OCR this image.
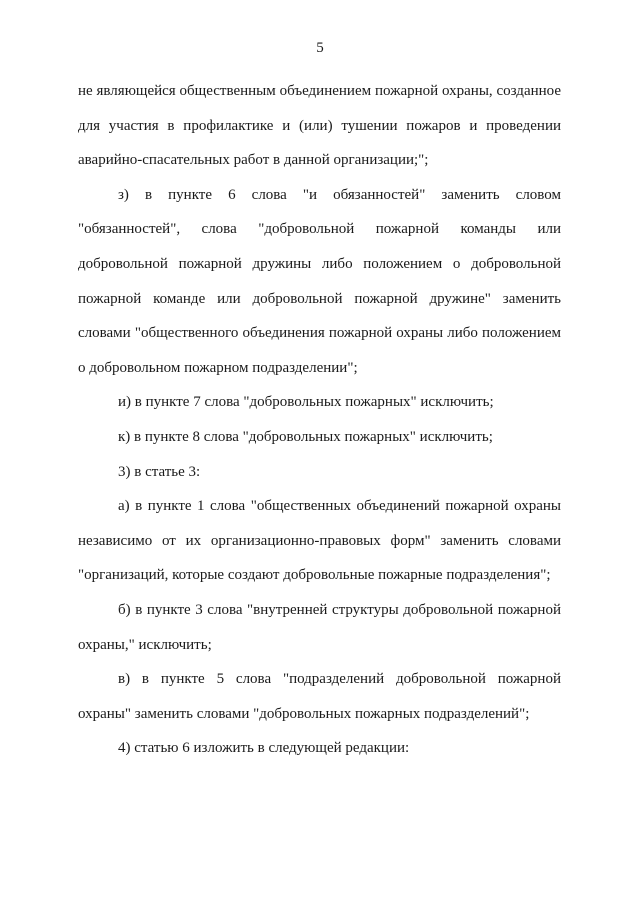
5

не являющейся общественным объединением пожарной охраны, созданное для участия в профилактике и (или) тушении пожаров и проведении аварийно-спасательных работ в данной организации;";

з) в пункте 6 слова "и обязанностей" заменить словом "обязанностей", слова "добровольной пожарной команды или добровольной пожарной дружины либо положением о добровольной пожарной команде или добровольной пожарной дружине" заменить словами "общественного объединения пожарной охраны либо положением о добровольном пожарном подразделении";

и) в пункте 7 слова "добровольных пожарных" исключить;

к) в пункте 8 слова "добровольных пожарных" исключить;

3) в статье 3:

а) в пункте 1 слова "общественных объединений пожарной охраны независимо от их организационно-правовых форм" заменить словами "организаций, которые создают добровольные пожарные подразделения";

б) в пункте 3 слова "внутренней структуры добровольной пожарной охраны," исключить;

в) в пункте 5 слова "подразделений добровольной пожарной охраны" заменить словами "добровольных пожарных подразделений";

4) статью 6 изложить в следующей редакции:
